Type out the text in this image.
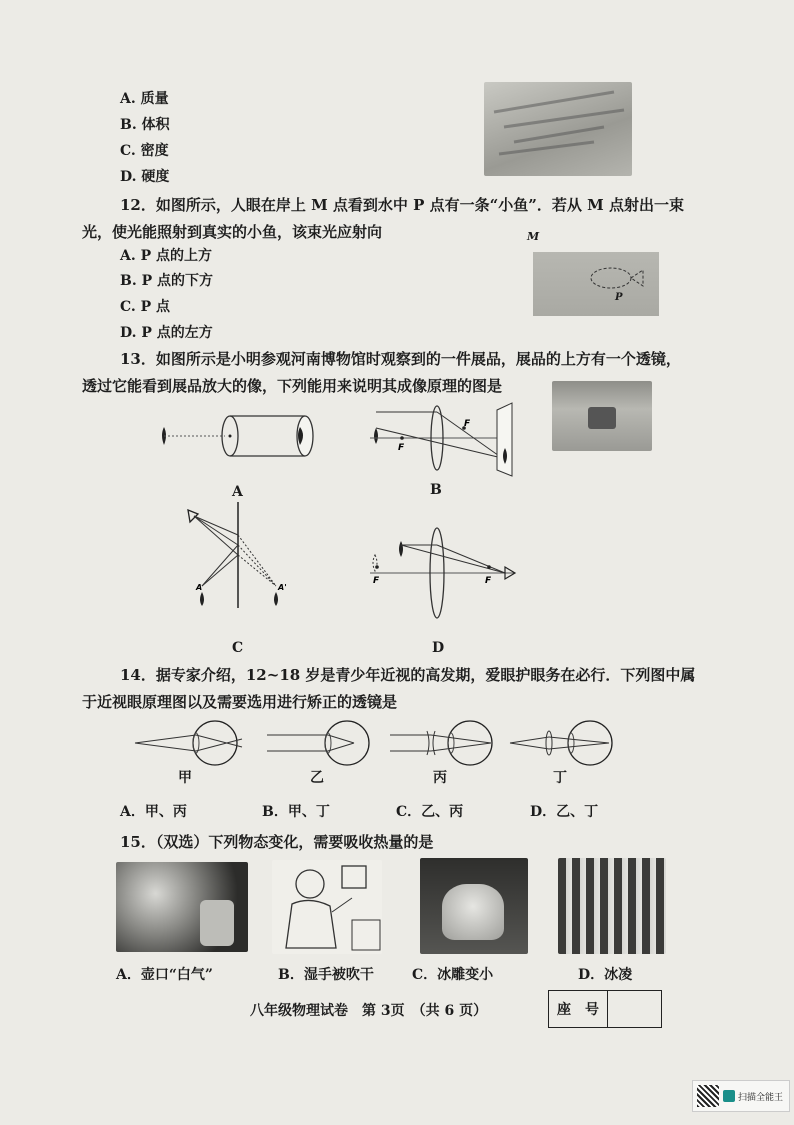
A. 质量
B. 体积
C. 密度
D. 硬度
12．如图所示，人眼在岸上 M 点看到水中 P 点有一条“小鱼”．若从 M 点射出一束
光，使光能照射到真实的小鱼，该束光应射向
A. P 点的上方
B. P 点的下方
C. P 点
D. P 点的左方
M
P
13．如图所示是小明参观河南博物馆时观察到的一件展品，展品的上方有一个透镜，
透过它能看到展品放大的像，下列能用来说明其成像原理的图是
A
F
F
B
A	A'
C
F	F
D
14．据专家介绍，12~18 岁是青少年近视的高发期，爱眼护眼务在必行．下列图中属
于近视眼原理图以及需要选用进行矫正的透镜是
甲	乙	丙	丁
A．甲、丙	B．甲、丁	C．乙、丙	D．乙、丁
15．（双选）下列物态变化，需要吸收热量的是
A．壶口“白气”	B．湿手被吹干	C．冰雕变小	D．冰凌
八年级物理试卷　第 3页　（共 6 页）	座　号
扫描全能王
